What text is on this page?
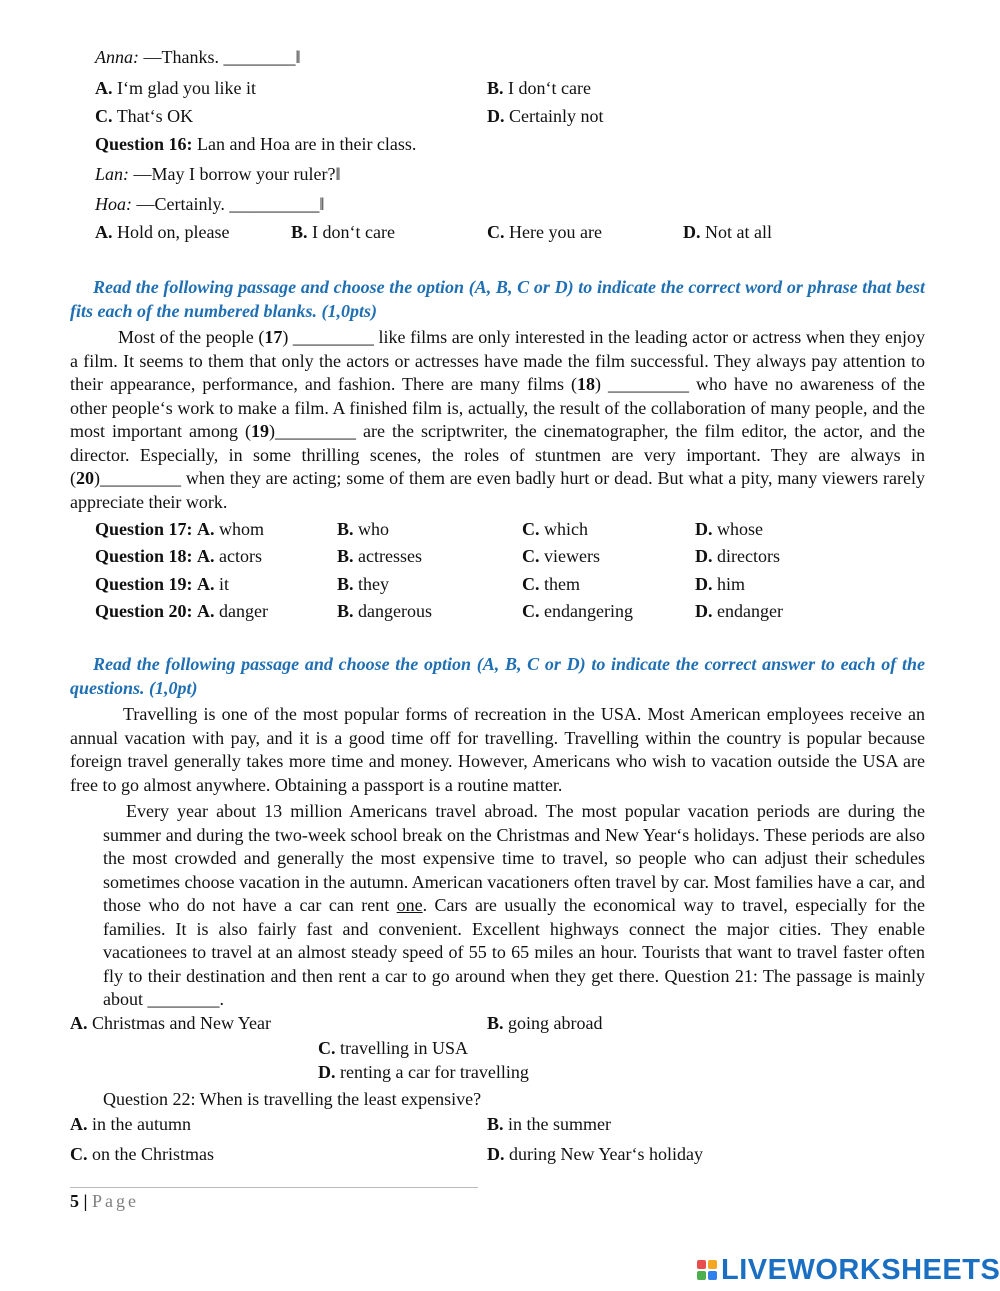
Anna: ―Thanks. ________‖
A. I‘m glad you like it	B. I don‘t care
C. That‘s OK	D. Certainly not
Question 16: Lan and Hoa are in their class.
Lan: ―May I borrow your ruler?‖
Hoa: ―Certainly. __________‖
A. Hold on, please	B. I don‘t care	C. Here you are	D. Not at all
Read the following passage and choose the option (A, B, C or D) to indicate the correct word or phrase that best fits each of the numbered blanks. (1,0pts)
Most of the people (17) _________ like films are only interested in the leading actor or actress when they enjoy a film. It seems to them that only the actors or actresses have made the film successful. They always pay attention to their appearance, performance, and fashion. There are many films (18) _________ who have no awareness of the other people‘s work to make a film. A finished film is, actually, the result of the collaboration of many people, and the most important among (19)_________ are the scriptwriter, the cinematographer, the film editor, the actor, and the director. Especially, in some thrilling scenes, the roles of stuntmen are very important. They are always in (20)_________ when they are acting; some of them are even badly hurt or dead. But what a pity, many viewers rarely appreciate their work.
Question 17: A. whom	B. who	C. which	D. whose
Question 18: A. actors	B. actresses	C. viewers	D. directors
Question 19: A. it	B. they	C. them	D. him
Question 20: A. danger	B. dangerous	C. endangering	D. endanger
Read the following passage and choose the option (A, B, C or D) to indicate the correct answer to each of the questions. (1,0pt)
Travelling is one of the most popular forms of recreation in the USA. Most American employees receive an annual vacation with pay, and it is a good time off for travelling. Travelling within the country is popular because foreign travel generally takes more time and money. However, Americans who wish to vacation outside the USA are free to go almost anywhere. Obtaining a passport is a routine matter.
Every year about 13 million Americans travel abroad. The most popular vacation periods are during the summer and during the two-week school break on the Christmas and New Year‘s holidays. These periods are also the most crowded and generally the most expensive time to travel, so people who can adjust their schedules sometimes choose vacation in the autumn. American vacationers often travel by car. Most families have a car, and those who do not have a car can rent one. Cars are usually the economical way to travel, especially for the families. It is also fairly fast and convenient. Excellent highways connect the major cities. They enable vacationees to travel at an almost steady speed of 55 to 65 miles an hour. Tourists that want to travel faster often fly to their destination and then rent a car to go around when they get there. Question 21: The passage is mainly about ________.
A. Christmas and New Year	B. going abroad
C. travelling in USA
D. renting a car for travelling
Question 22: When is travelling the least expensive?
A. in the autumn	B. in the summer
C. on the Christmas	D. during New Year‘s holiday
5 | Page
LIVEWORKSHEETS
